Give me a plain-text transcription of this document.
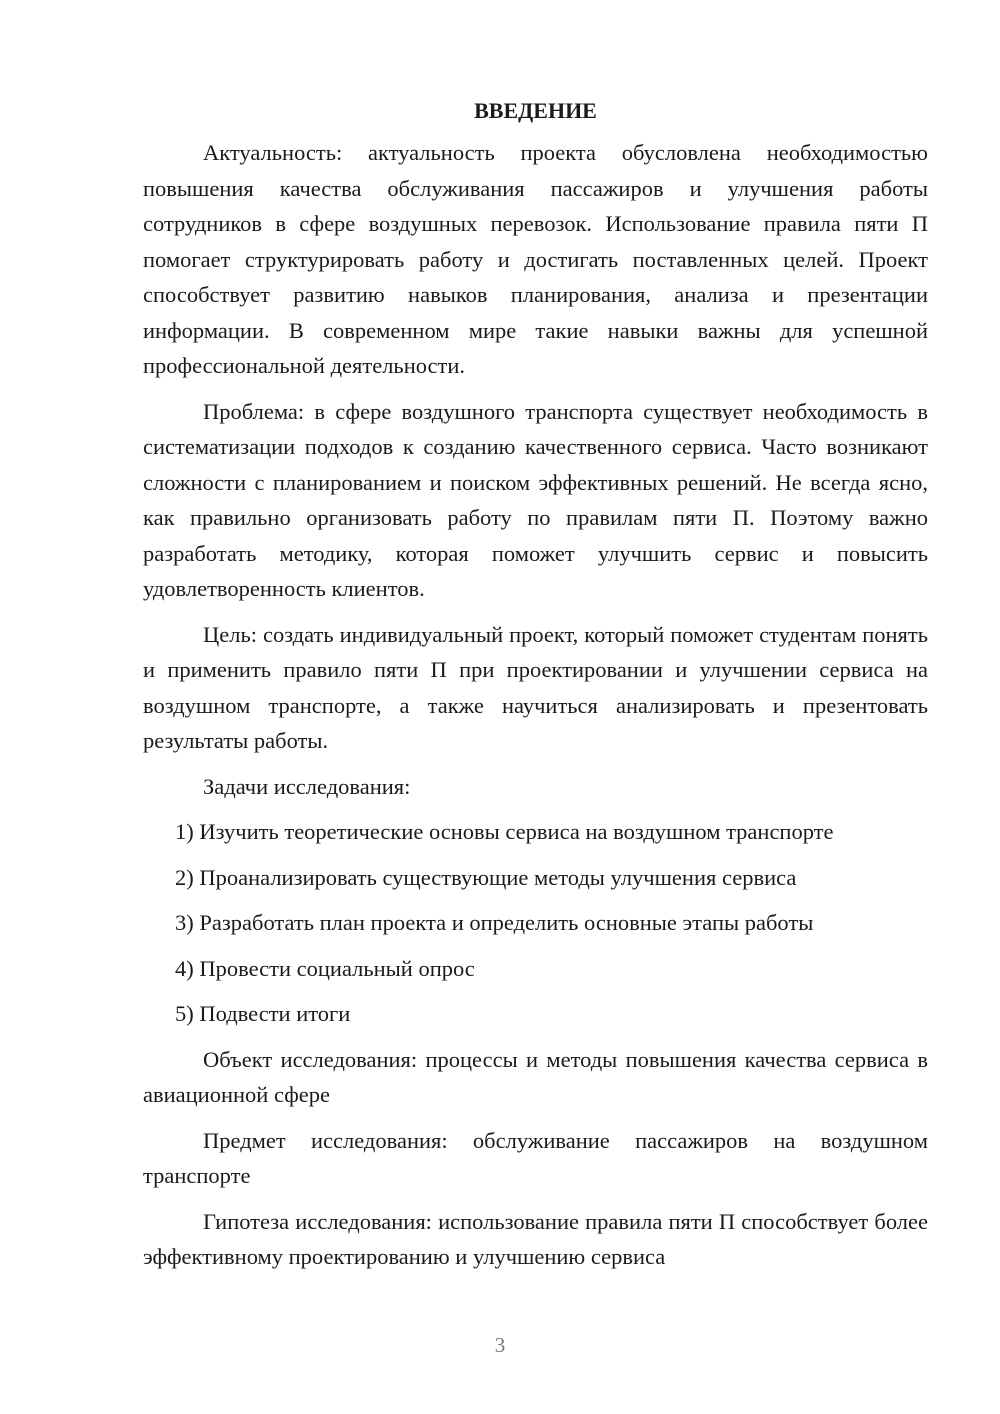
ВВЕДЕНИЕ

Актуальность: актуальность проекта обусловлена необходимостью повышения качества обслуживания пассажиров и улучшения работы сотрудников в сфере воздушных перевозок. Использование правила пяти П помогает структурировать работу и достигать поставленных целей. Проект способствует развитию навыков планирования, анализа и презентации информации. В современном мире такие навыки важны для успешной профессиональной деятельности.

Проблема: в сфере воздушного транспорта существует необходимость в систематизации подходов к созданию качественного сервиса. Часто возникают сложности с планированием и поиском эффективных решений. Не всегда ясно, как правильно организовать работу по правилам пяти П. Поэтому важно разработать методику, которая поможет улучшить сервис и повысить удовлетворенность клиентов.

Цель: создать индивидуальный проект, который поможет студентам понять и применить правило пяти П при проектировании и улучшении сервиса на воздушном транспорте, а также научиться анализировать и презентовать результаты работы.

Задачи исследования:

1) Изучить теоретические основы сервиса на воздушном транспорте
2) Проанализировать существующие методы улучшения сервиса
3) Разработать план проекта и определить основные этапы работы
4) Провести социальный опрос
5) Подвести итоги

Объект исследования: процессы и методы повышения качества сервиса в авиационной сфере

Предмет исследования: обслуживание пассажиров на воздушном транспорте

Гипотеза исследования: использование правила пяти П способствует более эффективному проектированию и улучшению сервиса

3
